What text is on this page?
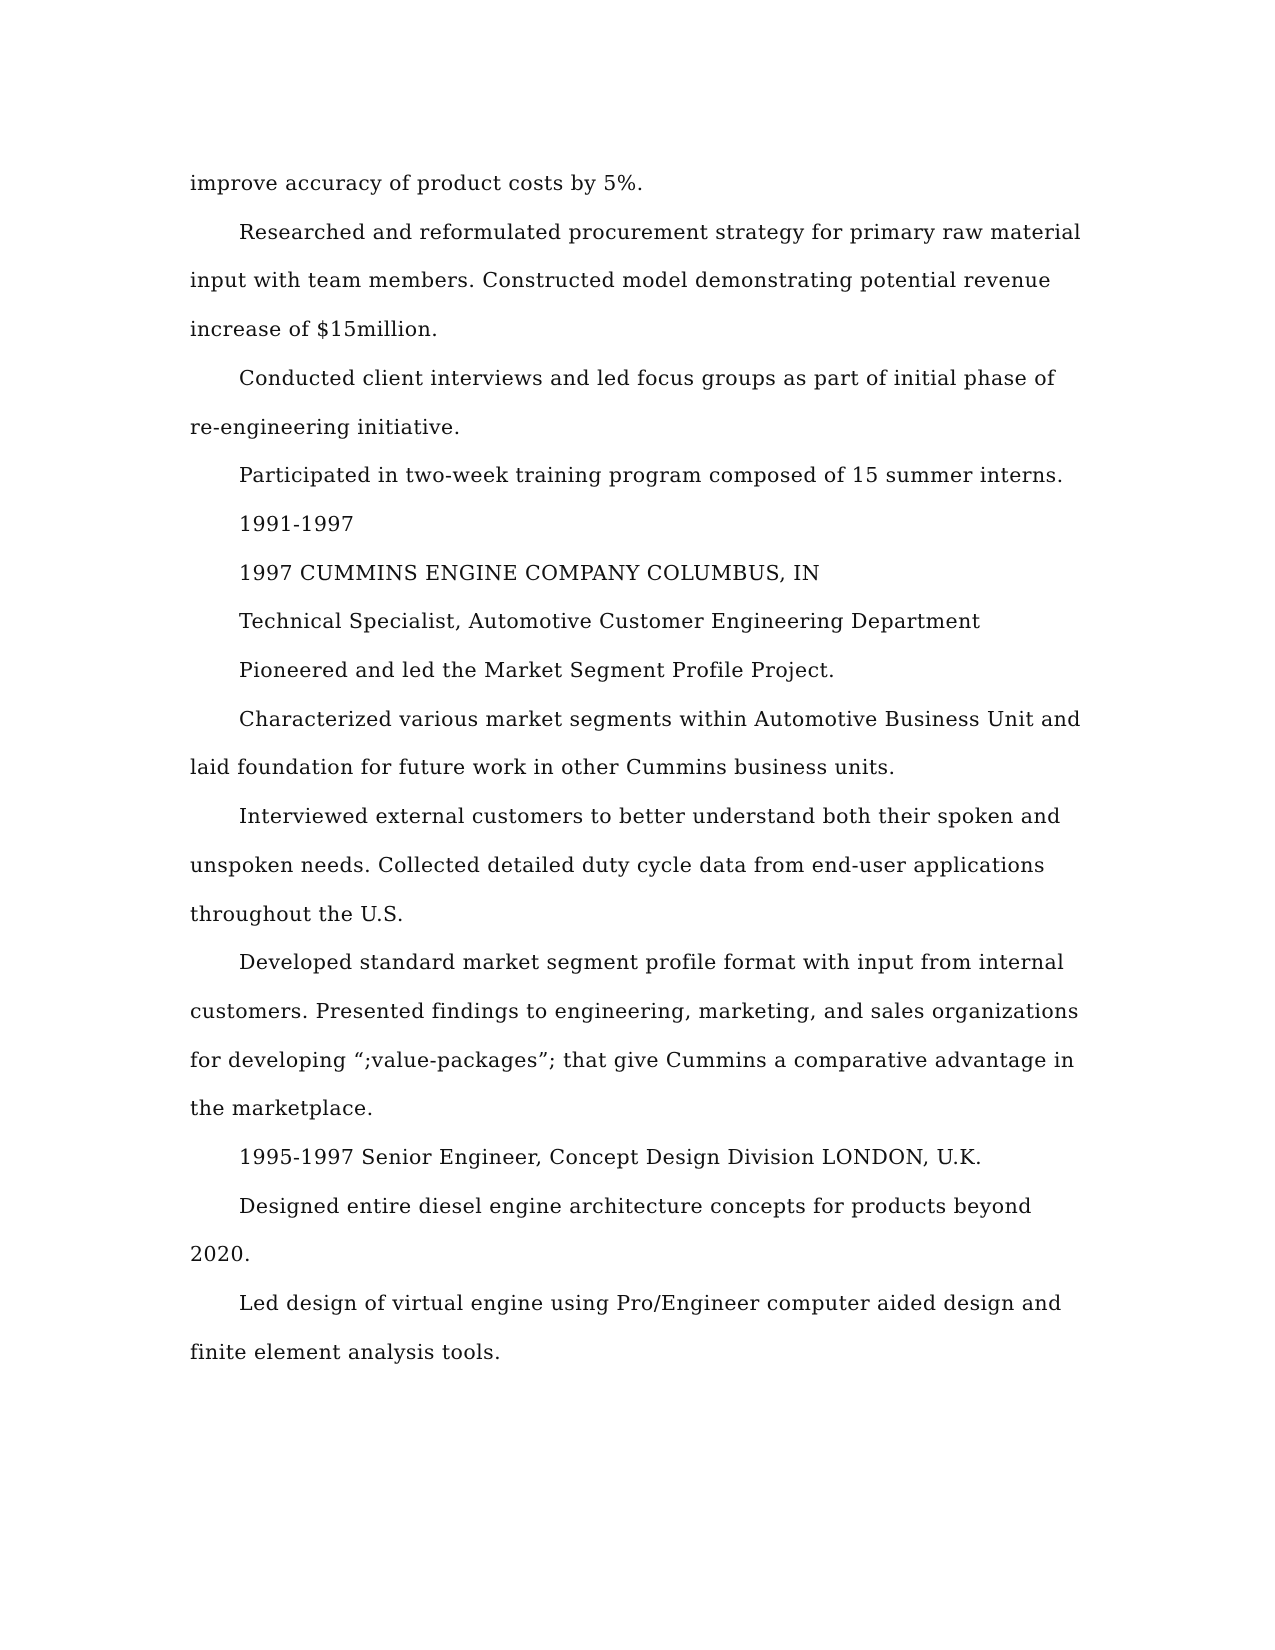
improve accuracy of product costs by 5%.

Researched and reformulated procurement strategy for primary raw material input with team members. Constructed model demonstrating potential revenue increase of $15million.

Conducted client interviews and led focus groups as part of initial phase of re-engineering initiative.

Participated in two-week training program composed of 15 summer interns.

1991-1997

1997 CUMMINS ENGINE COMPANY COLUMBUS, IN

Technical Specialist, Automotive Customer Engineering Department

Pioneered and led the Market Segment Profile Project.

Characterized various market segments within Automotive Business Unit and laid foundation for future work in other Cummins business units.

Interviewed external customers to better understand both their spoken and unspoken needs. Collected detailed duty cycle data from end-user applications throughout the U.S.

Developed standard market segment profile format with input from internal customers. Presented findings to engineering, marketing, and sales organizations for developing “;value-packages”; that give Cummins a comparative advantage in the marketplace.

1995-1997 Senior Engineer, Concept Design Division LONDON, U.K.

Designed entire diesel engine architecture concepts for products beyond 2020.

Led design of virtual engine using Pro/Engineer computer aided design and finite element analysis tools.
